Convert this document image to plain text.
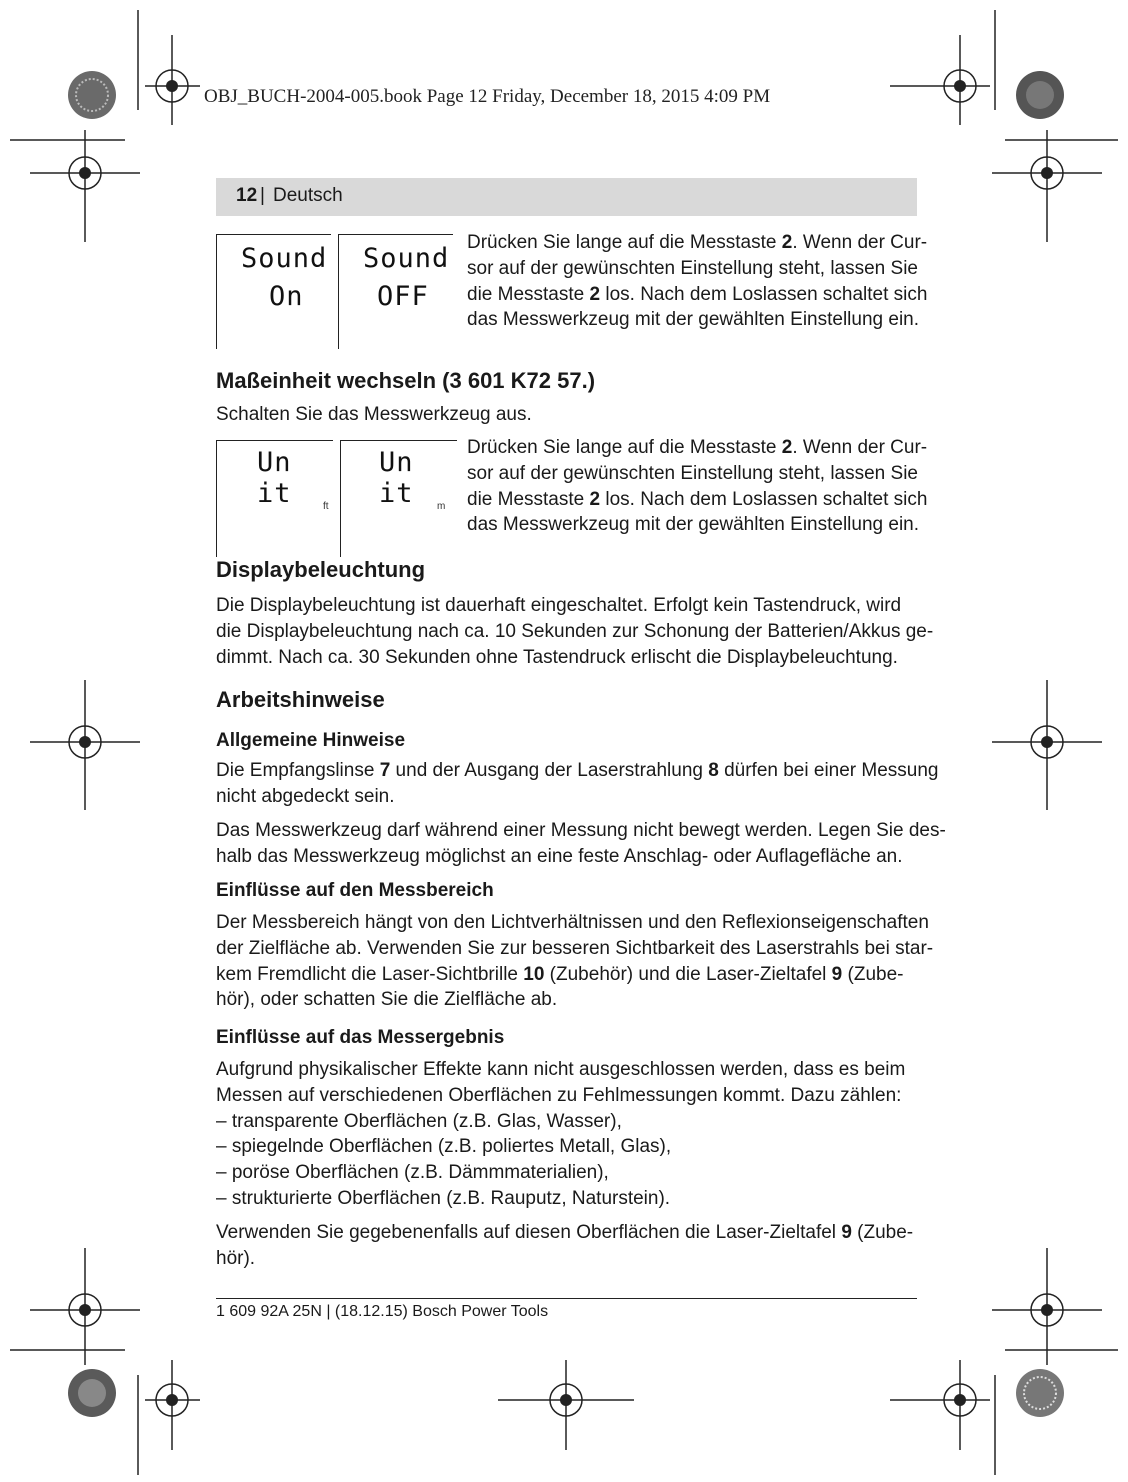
OBJ_BUCH-2004-005.book Page 12 Friday, December 18, 2015 4:09 PM
12 | Deutsch
Sound
On
Sound
OFF
Drücken Sie lange auf die Messtaste 2. Wenn der Cur-
sor auf der gewünschten Einstellung steht, lassen Sie
die Messtaste 2 los. Nach dem Loslassen schaltet sich
das Messwerkzeug mit der gewählten Einstellung ein.
Maßeinheit wechseln (3 601 K72 57.)
Schalten Sie das Messwerkzeug aus.
Un it	ft
Un it	m
Drücken Sie lange auf die Messtaste 2. Wenn der Cur-
sor auf der gewünschten Einstellung steht, lassen Sie
die Messtaste 2 los. Nach dem Loslassen schaltet sich
das Messwerkzeug mit der gewählten Einstellung ein.
Displaybeleuchtung
Die Displaybeleuchtung ist dauerhaft eingeschaltet. Erfolgt kein Tastendruck, wird
die Displaybeleuchtung nach ca. 10 Sekunden zur Schonung der Batterien/Akkus ge-
dimmt. Nach ca. 30 Sekunden ohne Tastendruck erlischt die Displaybeleuchtung.
Arbeitshinweise
Allgemeine Hinweise
Die Empfangslinse 7 und der Ausgang der Laserstrahlung 8 dürfen bei einer Messung
nicht abgedeckt sein.
Das Messwerkzeug darf während einer Messung nicht bewegt werden. Legen Sie des-
halb das Messwerkzeug möglichst an eine feste Anschlag- oder Auflagefläche an.
Einflüsse auf den Messbereich
Der Messbereich hängt von den Lichtverhältnissen und den Reflexionseigenschaften
der Zielfläche ab. Verwenden Sie zur besseren Sichtbarkeit des Laserstrahls bei star-
kem Fremdlicht die Laser-Sichtbrille 10 (Zubehör) und die Laser-Zieltafel 9 (Zube-
hör), oder schatten Sie die Zielfläche ab.
Einflüsse auf das Messergebnis
Aufgrund physikalischer Effekte kann nicht ausgeschlossen werden, dass es beim
Messen auf verschiedenen Oberflächen zu Fehlmessungen kommt. Dazu zählen:
– transparente Oberflächen (z.B. Glas, Wasser),
– spiegelnde Oberflächen (z.B. poliertes Metall, Glas),
– poröse Oberflächen (z.B. Dämmmaterialien),
– strukturierte Oberflächen (z.B. Rauputz, Naturstein).
Verwenden Sie gegebenenfalls auf diesen Oberflächen die Laser-Zieltafel 9 (Zube-
hör).
1 609 92A 25N | (18.12.15) Bosch Power Tools
